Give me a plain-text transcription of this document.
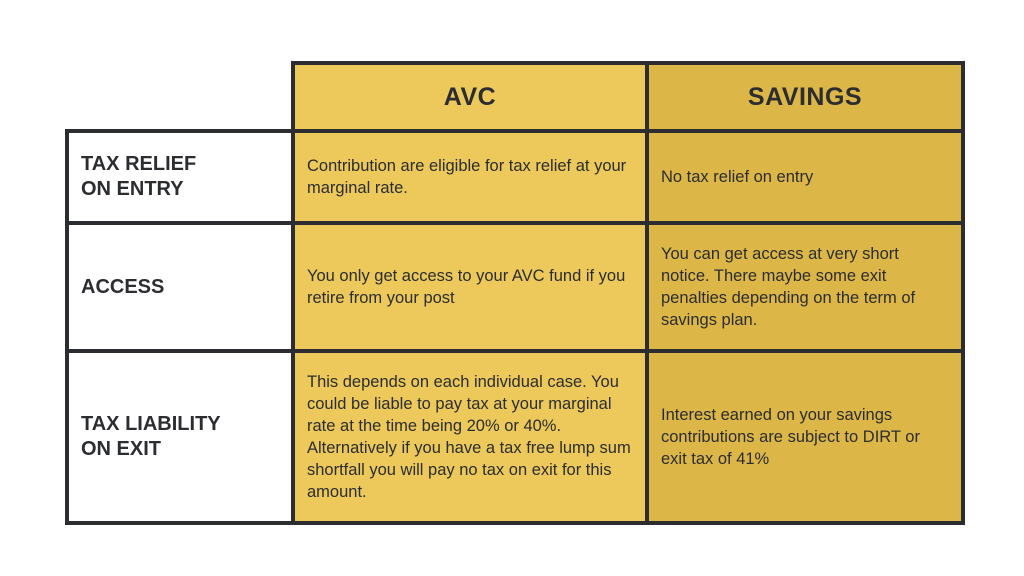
AVC	SAVINGS
TAX RELIEF
ON ENTRY
Contribution are eligible for tax relief at your marginal rate.
No tax relief on entry
ACCESS	You only get access to your AVC fund if you retire from your post
You can get access at very short notice. There maybe some exit penalties depending on the term of savings plan.
TAX LIABILITY
ON EXIT
This depends on each individual case. You could be liable to pay tax at your marginal rate at the time being 20% or 40%. Alternatively if you have a tax free lump sum shortfall you will pay no tax on exit for this amount.
Interest earned on your savings contributions are subject to DIRT or exit tax of 41%
